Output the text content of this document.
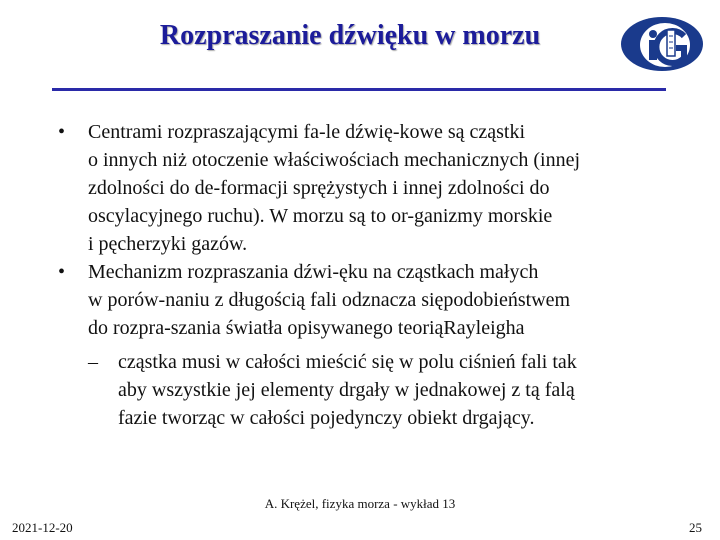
Rozpraszanie dźwięku w morzu
• Centrami rozpraszającymi fa-le dźwię-kowe są cząstki
o innych niż otoczenie właściwościach mechanicznych (innej
zdolności do de-formacji sprężystych i innej zdolności do
oscylacyjnego ruchu). W morzu są to or-ganizmy morskie
i pęcherzyki gazów.
• Mechanizm rozpraszania dźwi-ęku na cząstkach małych
w porów-naniu z długością fali odznacza siępodobieństwem
do rozpra-szania światła opisywanego teoriąRayleigha
– cząstka musi w całości mieścić się w polu ciśnień fali tak
aby wszystkie jej elementy drgały w jednakowej z tą falą
fazie tworząc w całości pojedynczy obiekt drgający.
A. Krężel, fizyka morza - wykład 13
2021-12-20	25
